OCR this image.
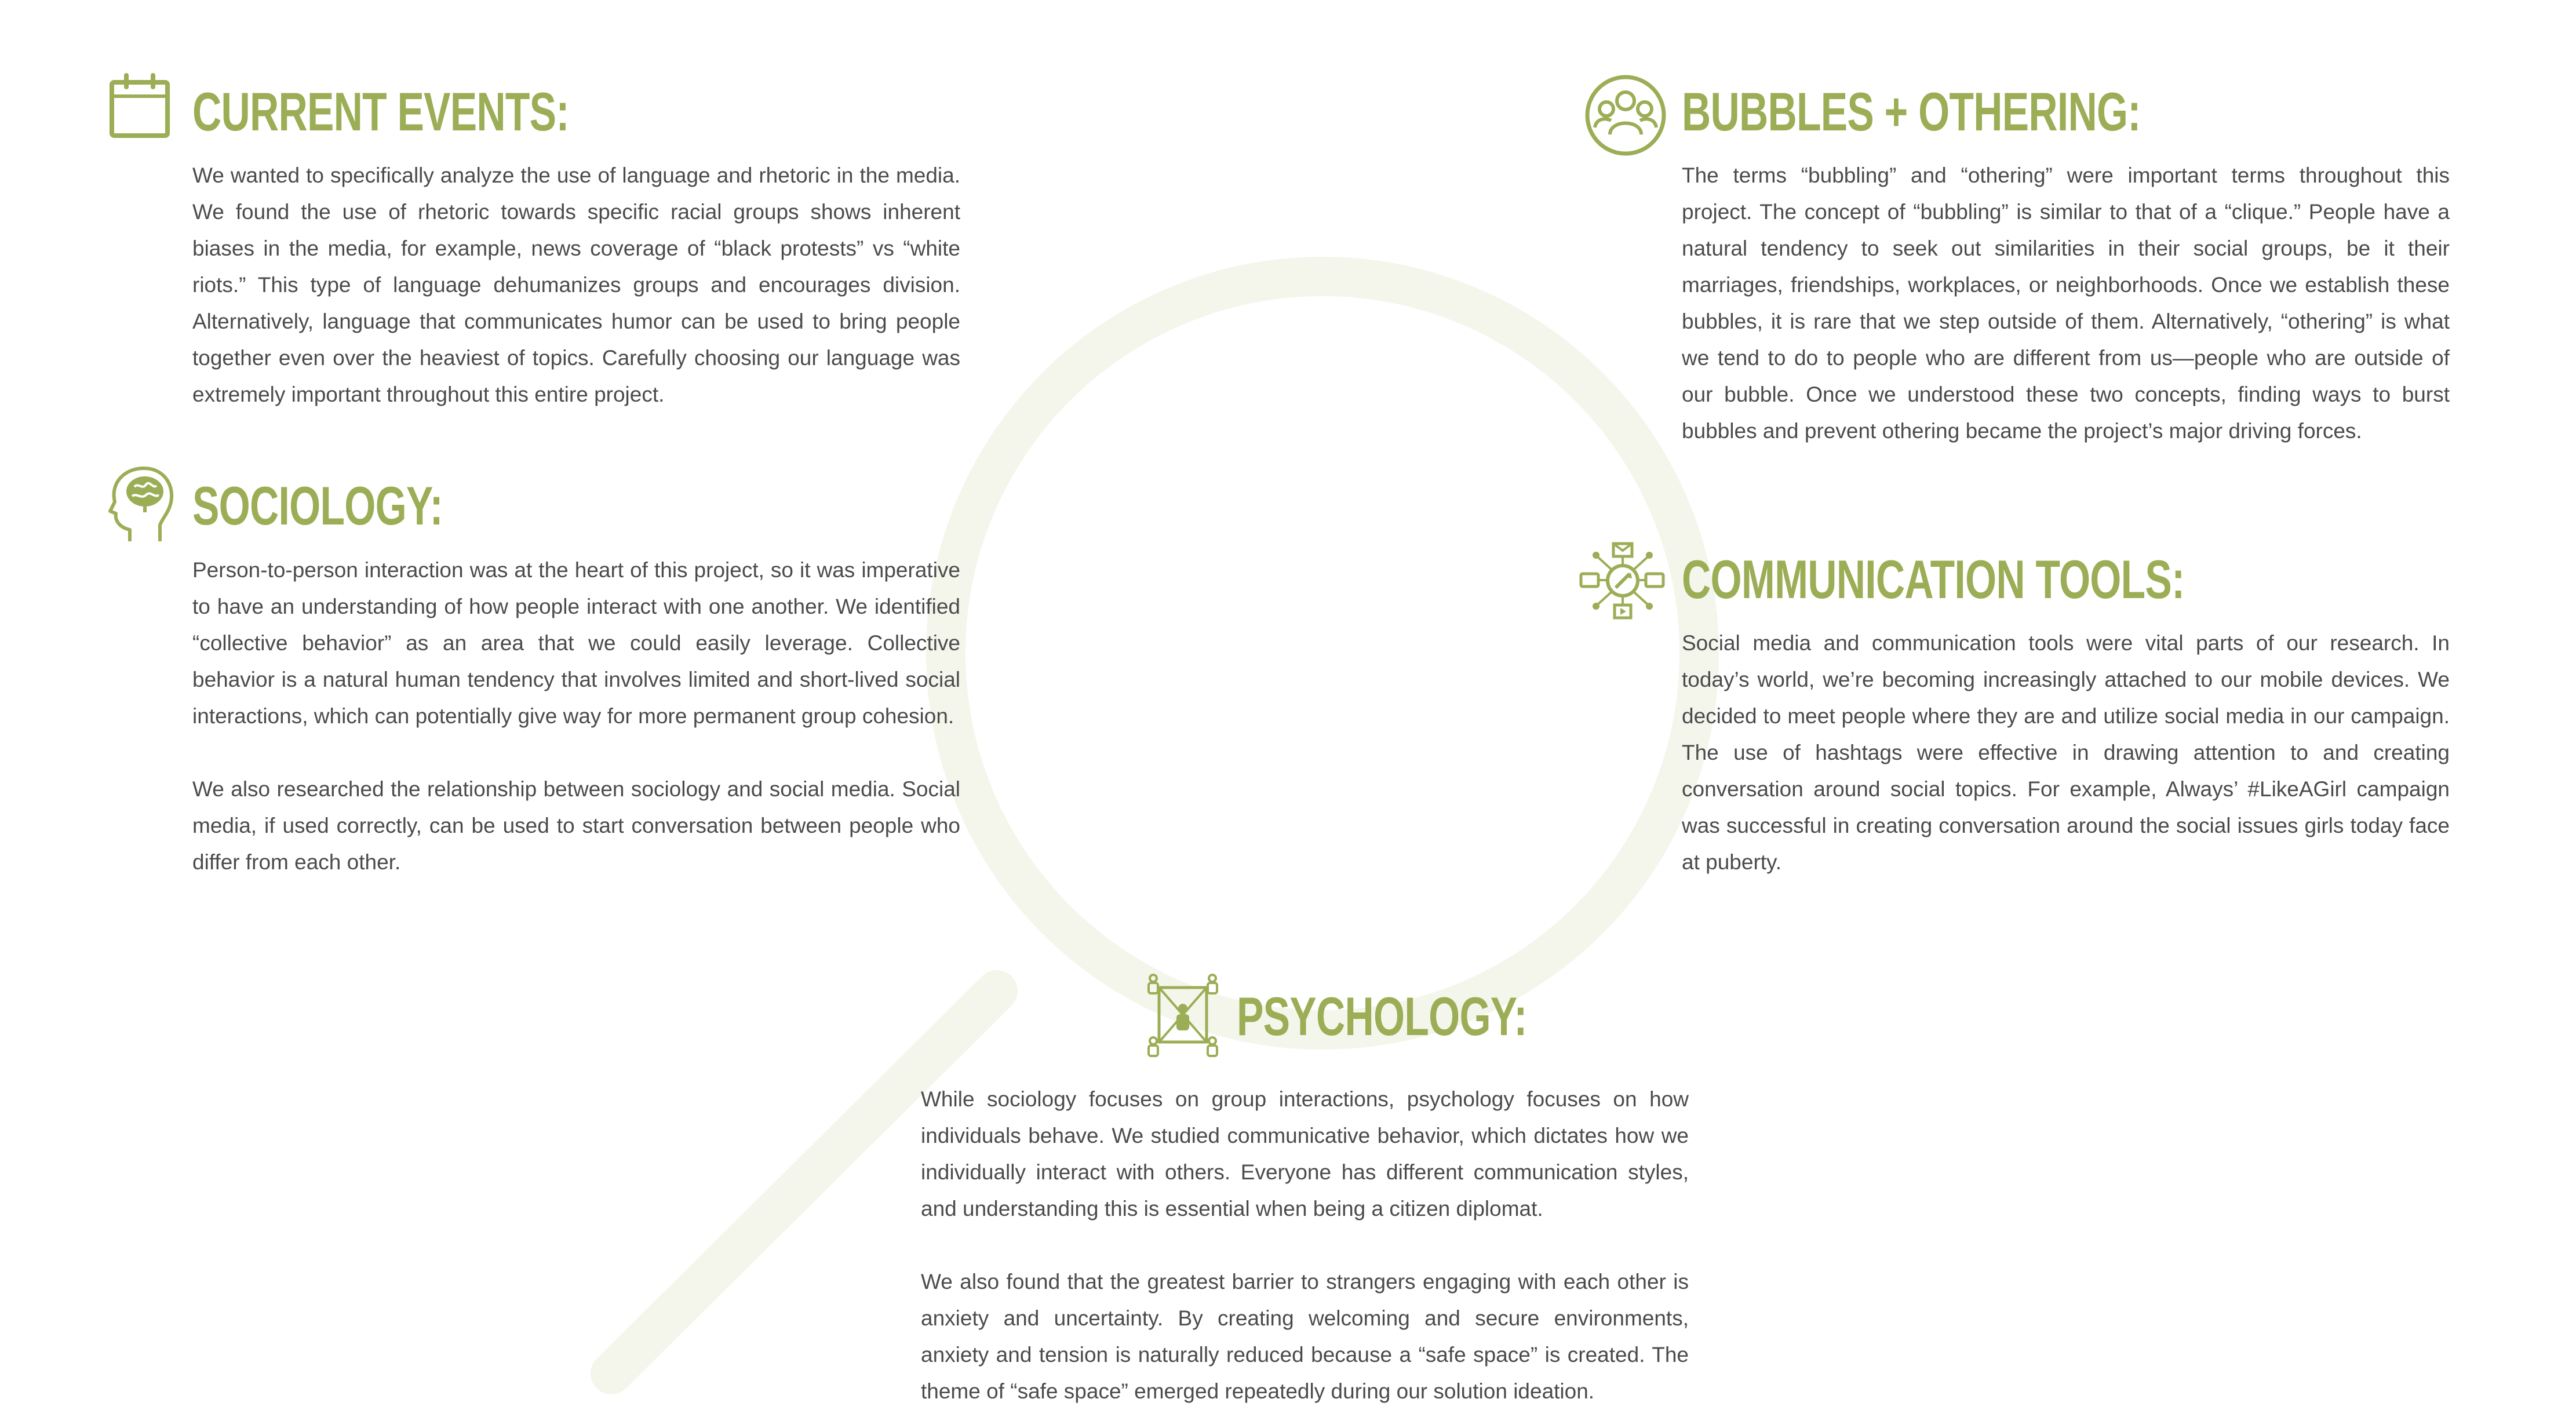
CURRENT EVENTS:

We wanted to specifically analyze the use of language and rhetoric in the media. We found the use of rhetoric towards specific racial groups shows inherent biases in the media, for example, news coverage of “black protests” vs “white riots.” This type of language dehumanizes groups and encourages division. Alternatively, language that communicates humor can be used to bring people together even over the heaviest of topics. Carefully choosing our language was extremely important throughout this entire project.

SOCIOLOGY:

Person-to-person interaction was at the heart of this project, so it was imperative to have an understanding of how people interact with one another. We identified “collective behavior” as an area that we could easily leverage. Collective behavior is a natural human tendency that involves limited and short-lived social interactions, which can potentially give way for more permanent group cohesion.

We also researched the relationship between sociology and social media. Social media, if used correctly, can be used to start conversation between people who differ from each other.

BUBBLES + OTHERING:

The terms “bubbling” and “othering” were important terms throughout this project. The concept of “bubbling” is similar to that of a “clique.” People have a natural tendency to seek out similarities in their social groups, be it their marriages, friendships, workplaces, or neighborhoods. Once we establish these bubbles, it is rare that we step outside of them. Alternatively, “othering” is what we tend to do to people who are different from us—people who are outside of our bubble. Once we understood these two concepts, finding ways to burst bubbles and prevent othering became the project’s major driving forces.

COMMUNICATION TOOLS:

Social media and communication tools were vital parts of our research. In today’s world, we’re becoming increasingly attached to our mobile devices. We decided to meet people where they are and utilize social media in our campaign. The use of hashtags were effective in drawing attention to and creating conversation around social topics. For example, Always’ #LikeAGirl campaign was successful in creating conversation around the social issues girls today face at puberty.

PSYCHOLOGY:

While sociology focuses on group interactions, psychology focuses on how individuals behave. We studied communicative behavior, which dictates how we individually interact with others. Everyone has different communication styles, and understanding this is essential when being a citizen diplomat.

We also found that the greatest barrier to strangers engaging with each other is anxiety and uncertainty. By creating welcoming and secure environments, anxiety and tension is naturally reduced because a “safe space” is created. The theme of “safe space” emerged repeatedly during our solution ideation.
